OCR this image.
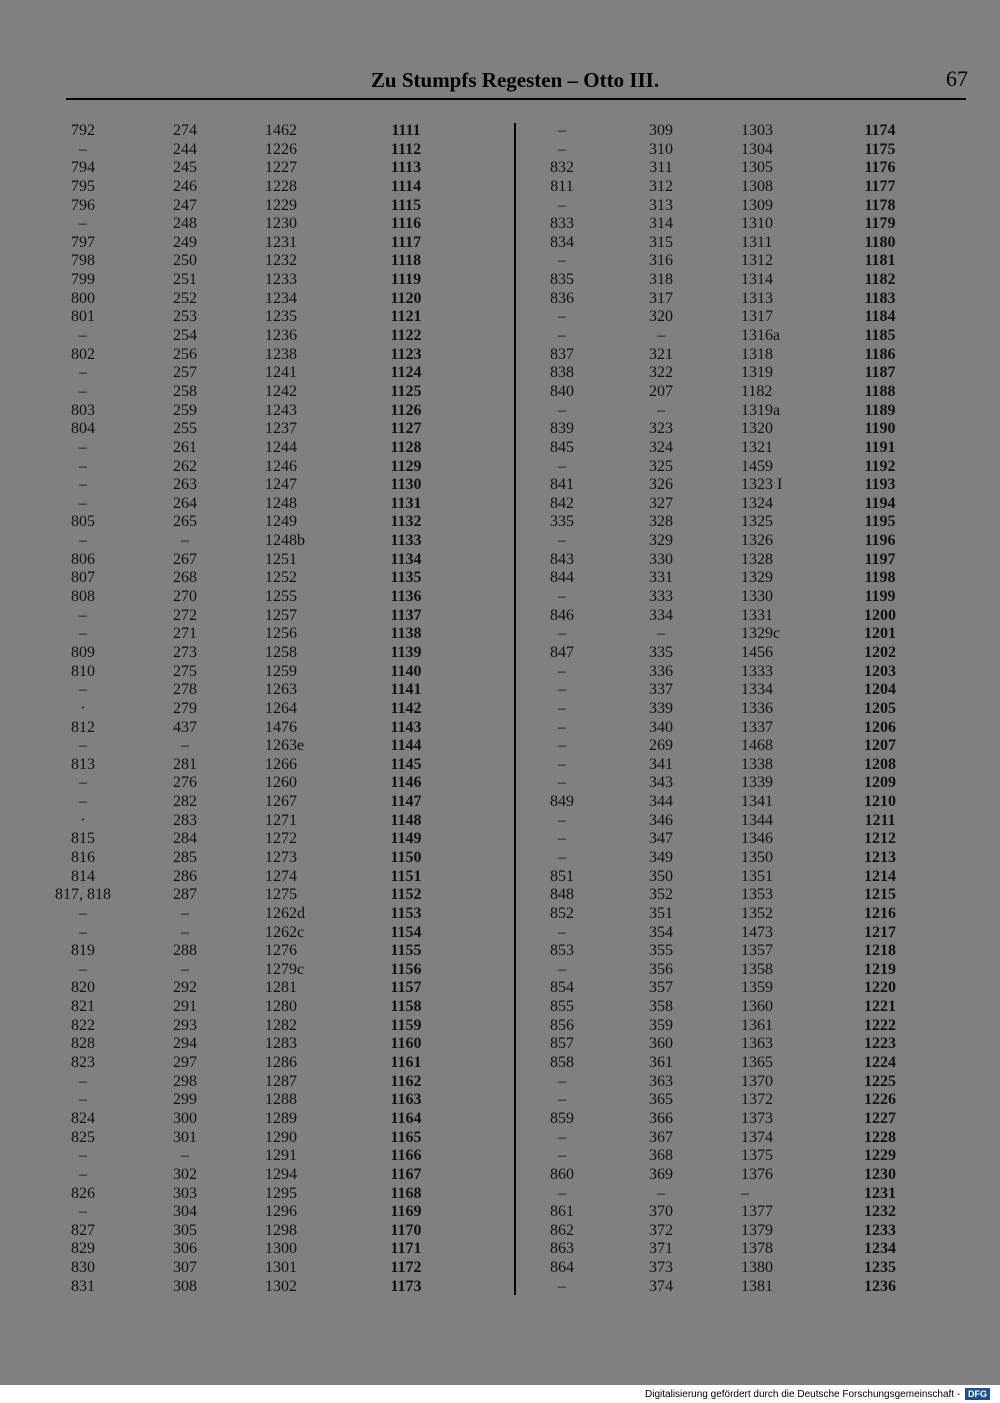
Zu Stumpfs Regesten – Otto III.	67
792
–
794
795
796
–
797
798
799
800
801
–
802
–
–
803
804
–
–
–
–
805
–
806
807
808
–
–
809
810
–
·
812
–
813
–
–
·
815
816
814
817, 818
–
–
819
–
820
821
822
828
823
–
–
824
825
–
–
826
–
827
829
830
831
274
244
245
246
247
248
249
250
251
252
253
254
256
257
258
259
255
261
262
263
264
265
–
267
268
270
272
271
273
275
278
279
437
–
281
276
282
283
284
285
286
287
–
–
288
–
292
291
293
294
297
298
299
300
301
–
302
303
304
305
306
307
308
1462
1226
1227
1228
1229
1230
1231
1232
1233
1234
1235
1236
1238
1241
1242
1243
1237
1244
1246
1247
1248
1249
1248b
1251
1252
1255
1257
1256
1258
1259
1263
1264
1476
1263e
1266
1260
1267
1271
1272
1273
1274
1275
1262d
1262c
1276
1279c
1281
1280
1282
1283
1286
1287
1288
1289
1290
1291
1294
1295
1296
1298
1300
1301
1302
1111
1112
1113
1114
1115
1116
1117
1118
1119
1120
1121
1122
1123
1124
1125
1126
1127
1128
1129
1130
1131
1132
1133
1134
1135
1136
1137
1138
1139
1140
1141
1142
1143
1144
1145
1146
1147
1148
1149
1150
1151
1152
1153
1154
1155
1156
1157
1158
1159
1160
1161
1162
1163
1164
1165
1166
1167
1168
1169
1170
1171
1172
1173
–
–
832
811
–
833
834
–
835
836
–
–
837
838
840
–
839
845
–
841
842
335
–
843
844
–
846
–
847
–
–
–
–
–
–
–
849
–
–
–
851
848
852
–
853
–
854
855
856
857
858
–
–
859
–
–
860
–
861
862
863
864
–
309
310
311
312
313
314
315
316
318
317
320
–
321
322
207
–
323
324
325
326
327
328
329
330
331
333
334
–
335
336
337
339
340
269
341
343
344
346
347
349
350
352
351
354
355
356
357
358
359
360
361
363
365
366
367
368
369
–
370
372
371
373
374
1303
1304
1305
1308
1309
1310
1311
1312
1314
1313
1317
1316a
1318
1319
1182
1319a
1320
1321
1459
1323 I
1324
1325
1326
1328
1329
1330
1331
1329c
1456
1333
1334
1336
1337
1468
1338
1339
1341
1344
1346
1350
1351
1353
1352
1473
1357
1358
1359
1360
1361
1363
1365
1370
1372
1373
1374
1375
1376
–
1377
1379
1378
1380
1381
1174
1175
1176
1177
1178
1179
1180
1181
1182
1183
1184
1185
1186
1187
1188
1189
1190
1191
1192
1193
1194
1195
1196
1197
1198
1199
1200
1201
1202
1203
1204
1205
1206
1207
1208
1209
1210
1211
1212
1213
1214
1215
1216
1217
1218
1219
1220
1221
1222
1223
1224
1225
1226
1227
1228
1229
1230
1231
1232
1233
1234
1235
1236
Digitalisierung gefördert durch die Deutsche Forschungsgemeinschaft - DFG
